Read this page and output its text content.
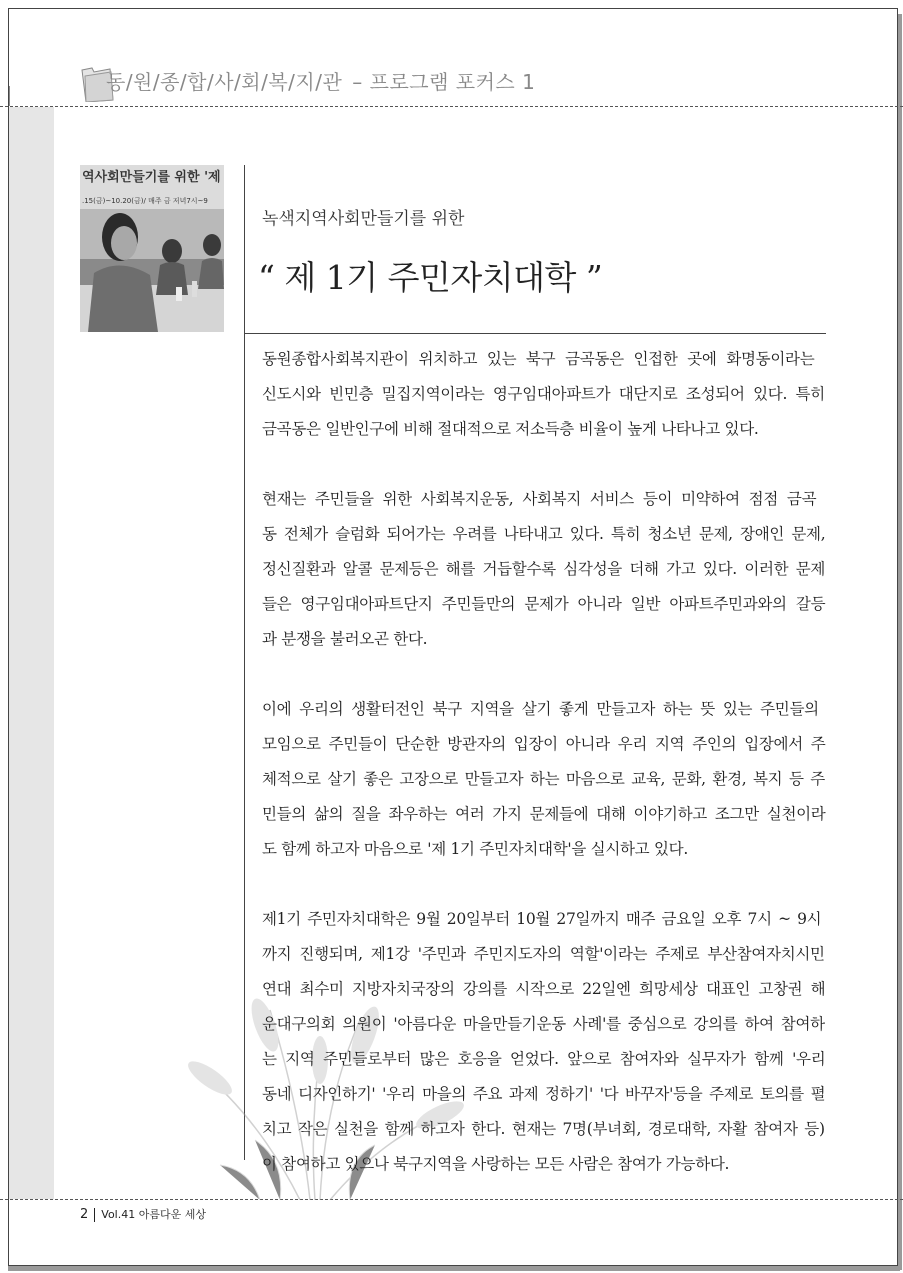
동/원/종/합/사/회/복/지/관 – 프로그램 포커스 1
역사회만들기를 위한 '제
.15(금)~10.20(금)/ 매주 금 저녁7시~9
녹색지역사회만들기를 위한
“ 제 1기 주민자치대학 ”
동원종합사회복지관이 위치하고 있는 북구 금곡동은 인접한 곳에 화명동이라는
신도시와 빈민층 밀집지역이라는 영구임대아파트가 대단지로 조성되어 있다. 특히
금곡동은 일반인구에 비해 절대적으로 저소득층 비율이 높게 나타나고 있다.
현재는 주민들을 위한 사회복지운동, 사회복지 서비스 등이 미약하여 점점 금곡
동 전체가 슬럼화 되어가는 우려를 나타내고 있다. 특히 청소년 문제, 장애인 문제,
정신질환과 알콜 문제등은 해를 거듭할수록 심각성을 더해 가고 있다. 이러한 문제
들은 영구임대아파트단지 주민들만의 문제가 아니라 일반 아파트주민과와의 갈등
과 분쟁을 불러오곤 한다.
이에 우리의 생활터전인 북구 지역을 살기 좋게 만들고자 하는 뜻 있는 주민들의
모임으로 주민들이 단순한 방관자의 입장이 아니라 우리 지역 주인의 입장에서 주
체적으로 살기 좋은 고장으로 만들고자 하는 마음으로 교육, 문화, 환경, 복지 등 주
민들의 삶의 질을 좌우하는 여러 가지 문제들에 대해 이야기하고 조그만 실천이라
도 함께 하고자 마음으로 '제 1기 주민자치대학'을 실시하고 있다.
제1기 주민자치대학은 9월 20일부터 10월 27일까지 매주 금요일 오후 7시 ~ 9시
까지 진행되며, 제1강 '주민과 주민지도자의 역할'이라는 주제로 부산참여자치시민
연대 최수미 지방자치국장의 강의를 시작으로 22일엔 희망세상 대표인 고창권 해
운대구의회 의원이 '아름다운 마을만들기운동 사례'를 중심으로 강의를 하여 참여하
는 지역 주민들로부터 많은 호응을 얻었다. 앞으로 참여자와 실무자가 함께 '우리
동네 디자인하기' '우리 마을의 주요 과제 정하기' '다 바꾸자'등을 주제로 토의를 펼
치고 작은 실천을 함께 하고자 한다. 현재는 7명(부녀회, 경로대학, 자활 참여자 등)
이 참여하고 있으나 북구지역을 사랑하는 모든 사람은 참여가 가능하다.
2 Vol.41 아름다운 세상
